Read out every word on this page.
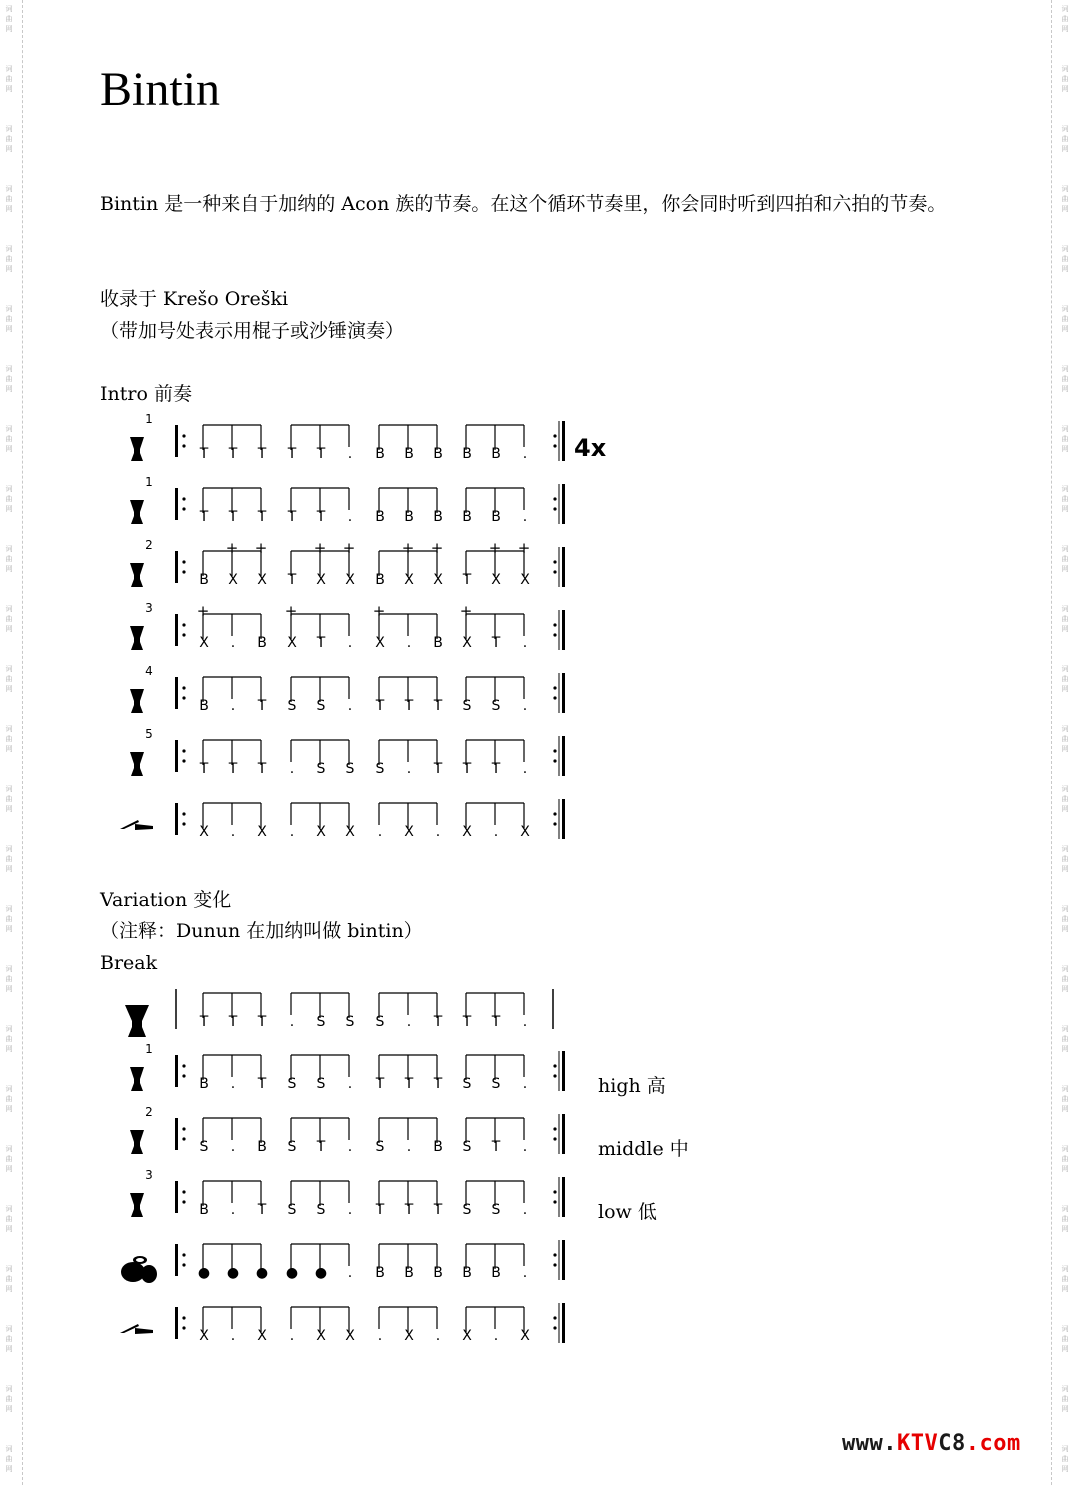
Bintin
Bintin 是一种来自于加纳的 Acon 族的节奏。在这个循环节奏里，你会同时听到四拍和六拍的节奏。
收录于 Krešo Oreški
（带加号处表示用棍子或沙锤演奏）
Intro 前奏
4x
Variation 变化
（注释：Dunun 在加纳叫做 bintin）
Break
high 高
middle 中
low 低
1
T T T T T . B B B B B .
1
T T T T T . B B B B B .
2
B X
+
X
+
T X
+
X
+
B X
+
X
+
T X
+
X
+
3
X
+
. B X
+
T . X
+
. B X
+
T .
4
B . T S S . T T T S S .
5
T T T . S S S . T T T .
X . X . X X . X . X . X
T T T . S S S . T T T .
1
B . T S S . T T T S S .
2
S . B S T . S . B S T .
3
B . T S S . T T T S S .
● ● ● ● ● . B B B B B .
X . X . X X . X . X . X
www.KTVC8.com
词
曲
网
词
曲
网
词
曲
网
词
曲
网
词
曲
网
词
曲
网
词
曲
网
词
曲
网
词
曲
网
词
曲
网
词
曲
网
词
曲
网
词
曲
网
词
曲
网
词
曲
网
词
曲
网
词
曲
网
词
曲
网
词
曲
网
词
曲
网
词
曲
网
词
曲
网
词
曲
网
词
曲
网
词
曲
网
词
曲
网
词
曲
网
词
曲
网
词
曲
网
词
曲
网
词
曲
网
词
曲
网
词
曲
网
词
曲
网
词
曲
网
词
曲
网
词
曲
网
词
曲
网
词
曲
网
词
曲
网
词
曲
网
词
曲
网
词
曲
网
词
曲
网
词
曲
网
词
曲
网
词
曲
网
词
曲
网
词
曲
网
词
曲
网
